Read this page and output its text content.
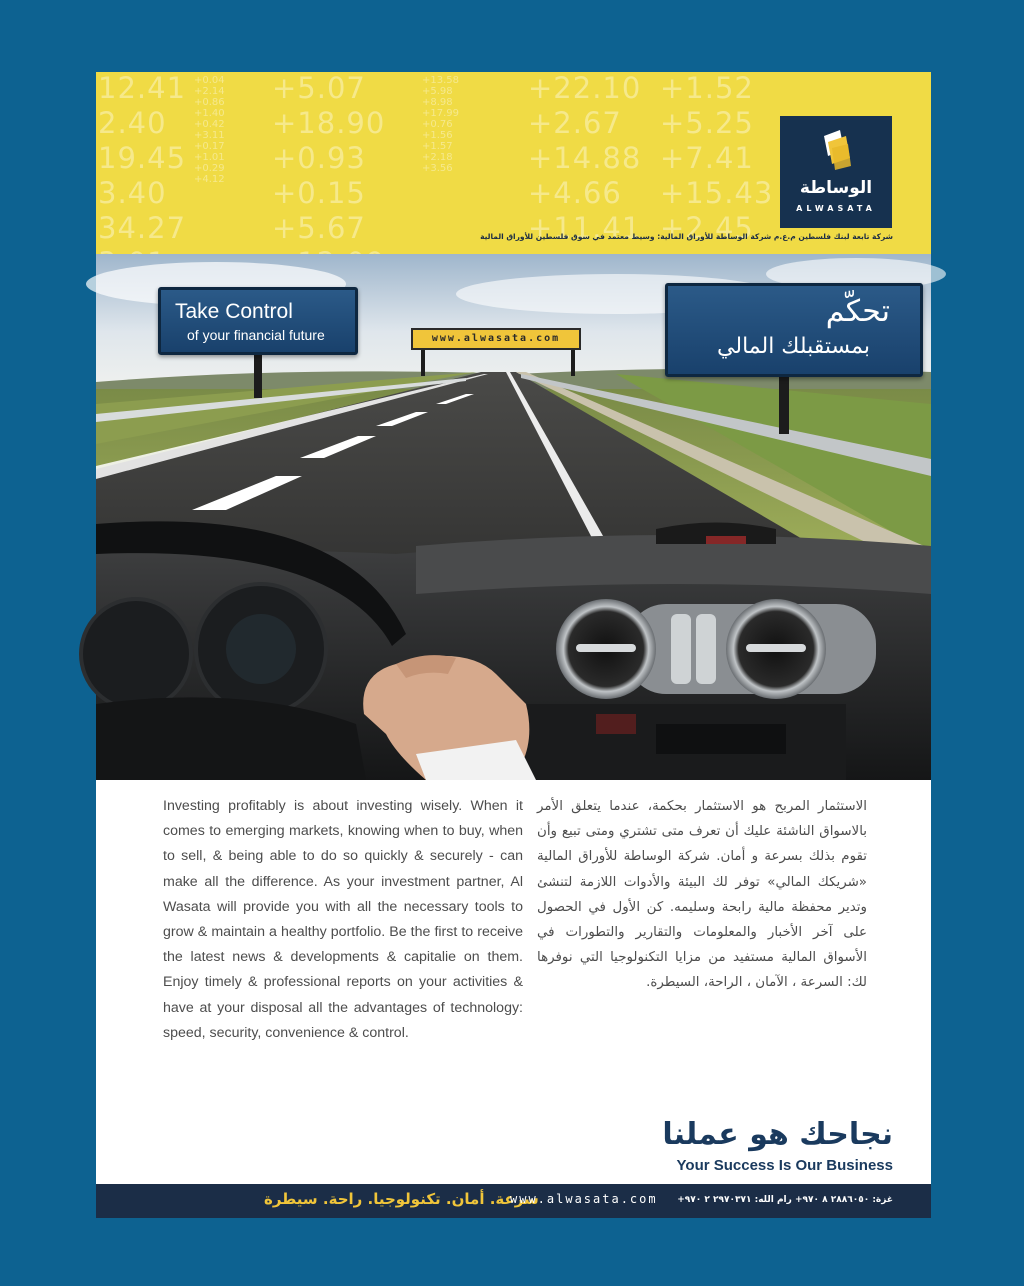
12.41
2.40
19.45
3.40
34.27
+0.04
+2.14
+0.86
+1.40
+0.42
+3.11
+0.17
+1.01
+0.29
+4.12
+5.07
+18.90
+0.93
+0.15
+5.67
+13.58
+5.98
+8.98
+17.99
+0.76
+1.56
+1.57
+2.18
+3.56
+22.10
+2.67
+14.88
+4.66
+11.41
+1.52
+5.25
+7.41
+15.43
+2.45
الوساطة
ALWASATA
شركة تابعة لبنك فلسطين م.ع.م شركة الوساطة للأوراق المالية: وسيط معتمد في سوق فلسطين للأوراق المالية
Take Control
of your financial future	www.alwasata.com
تحكّم
بمستقبلك المالي
Investing profitably is about investing wisely. When it comes to emerging markets, knowing when to buy, when to sell, & being able to do so quickly & securely - can make all the difference. As your investment partner, Al Wasata will provide you with all the necessary tools to grow & maintain a healthy portfolio. Be the first to receive the latest news & developments & capitalie on them. Enjoy timely & professional reports on your activities & have at your disposal all the advantages of technology: speed, security, convenience & control.
الاستثمار المربح هو الاستثمار بحكمة، عندما يتعلق الأمر بالاسواق الناشئة عليك أن تعرف متى تشتري ومتى تبيع وأن تقوم بذلك بسرعة و أمان. شركة الوساطة للأوراق المالية «شريكك المالي» توفر لك البيئة والأدوات اللازمة لتنشئ وتدير محفظة مالية رابحة وسليمه. كن الأول في الحصول على آخر الأخبار والمعلومات والتقارير والتطورات في الأسواق المالية مستفيد من مزايا التكنولوجيا التي نوفرها لك: السرعة ، الآمان ، الراحة، السيطرة.
نجاحك هو عملنا
Your Success Is Our Business
سرعة. أمان. تكنولوجيا. راحة. سيطرة
www.alwasata.com غزة: ٢٨٨٦٠٥٠ ٨ ٩٧٠+ رام الله: ٢٩٧٠٣٧١ ٢ ٩٧٠+
